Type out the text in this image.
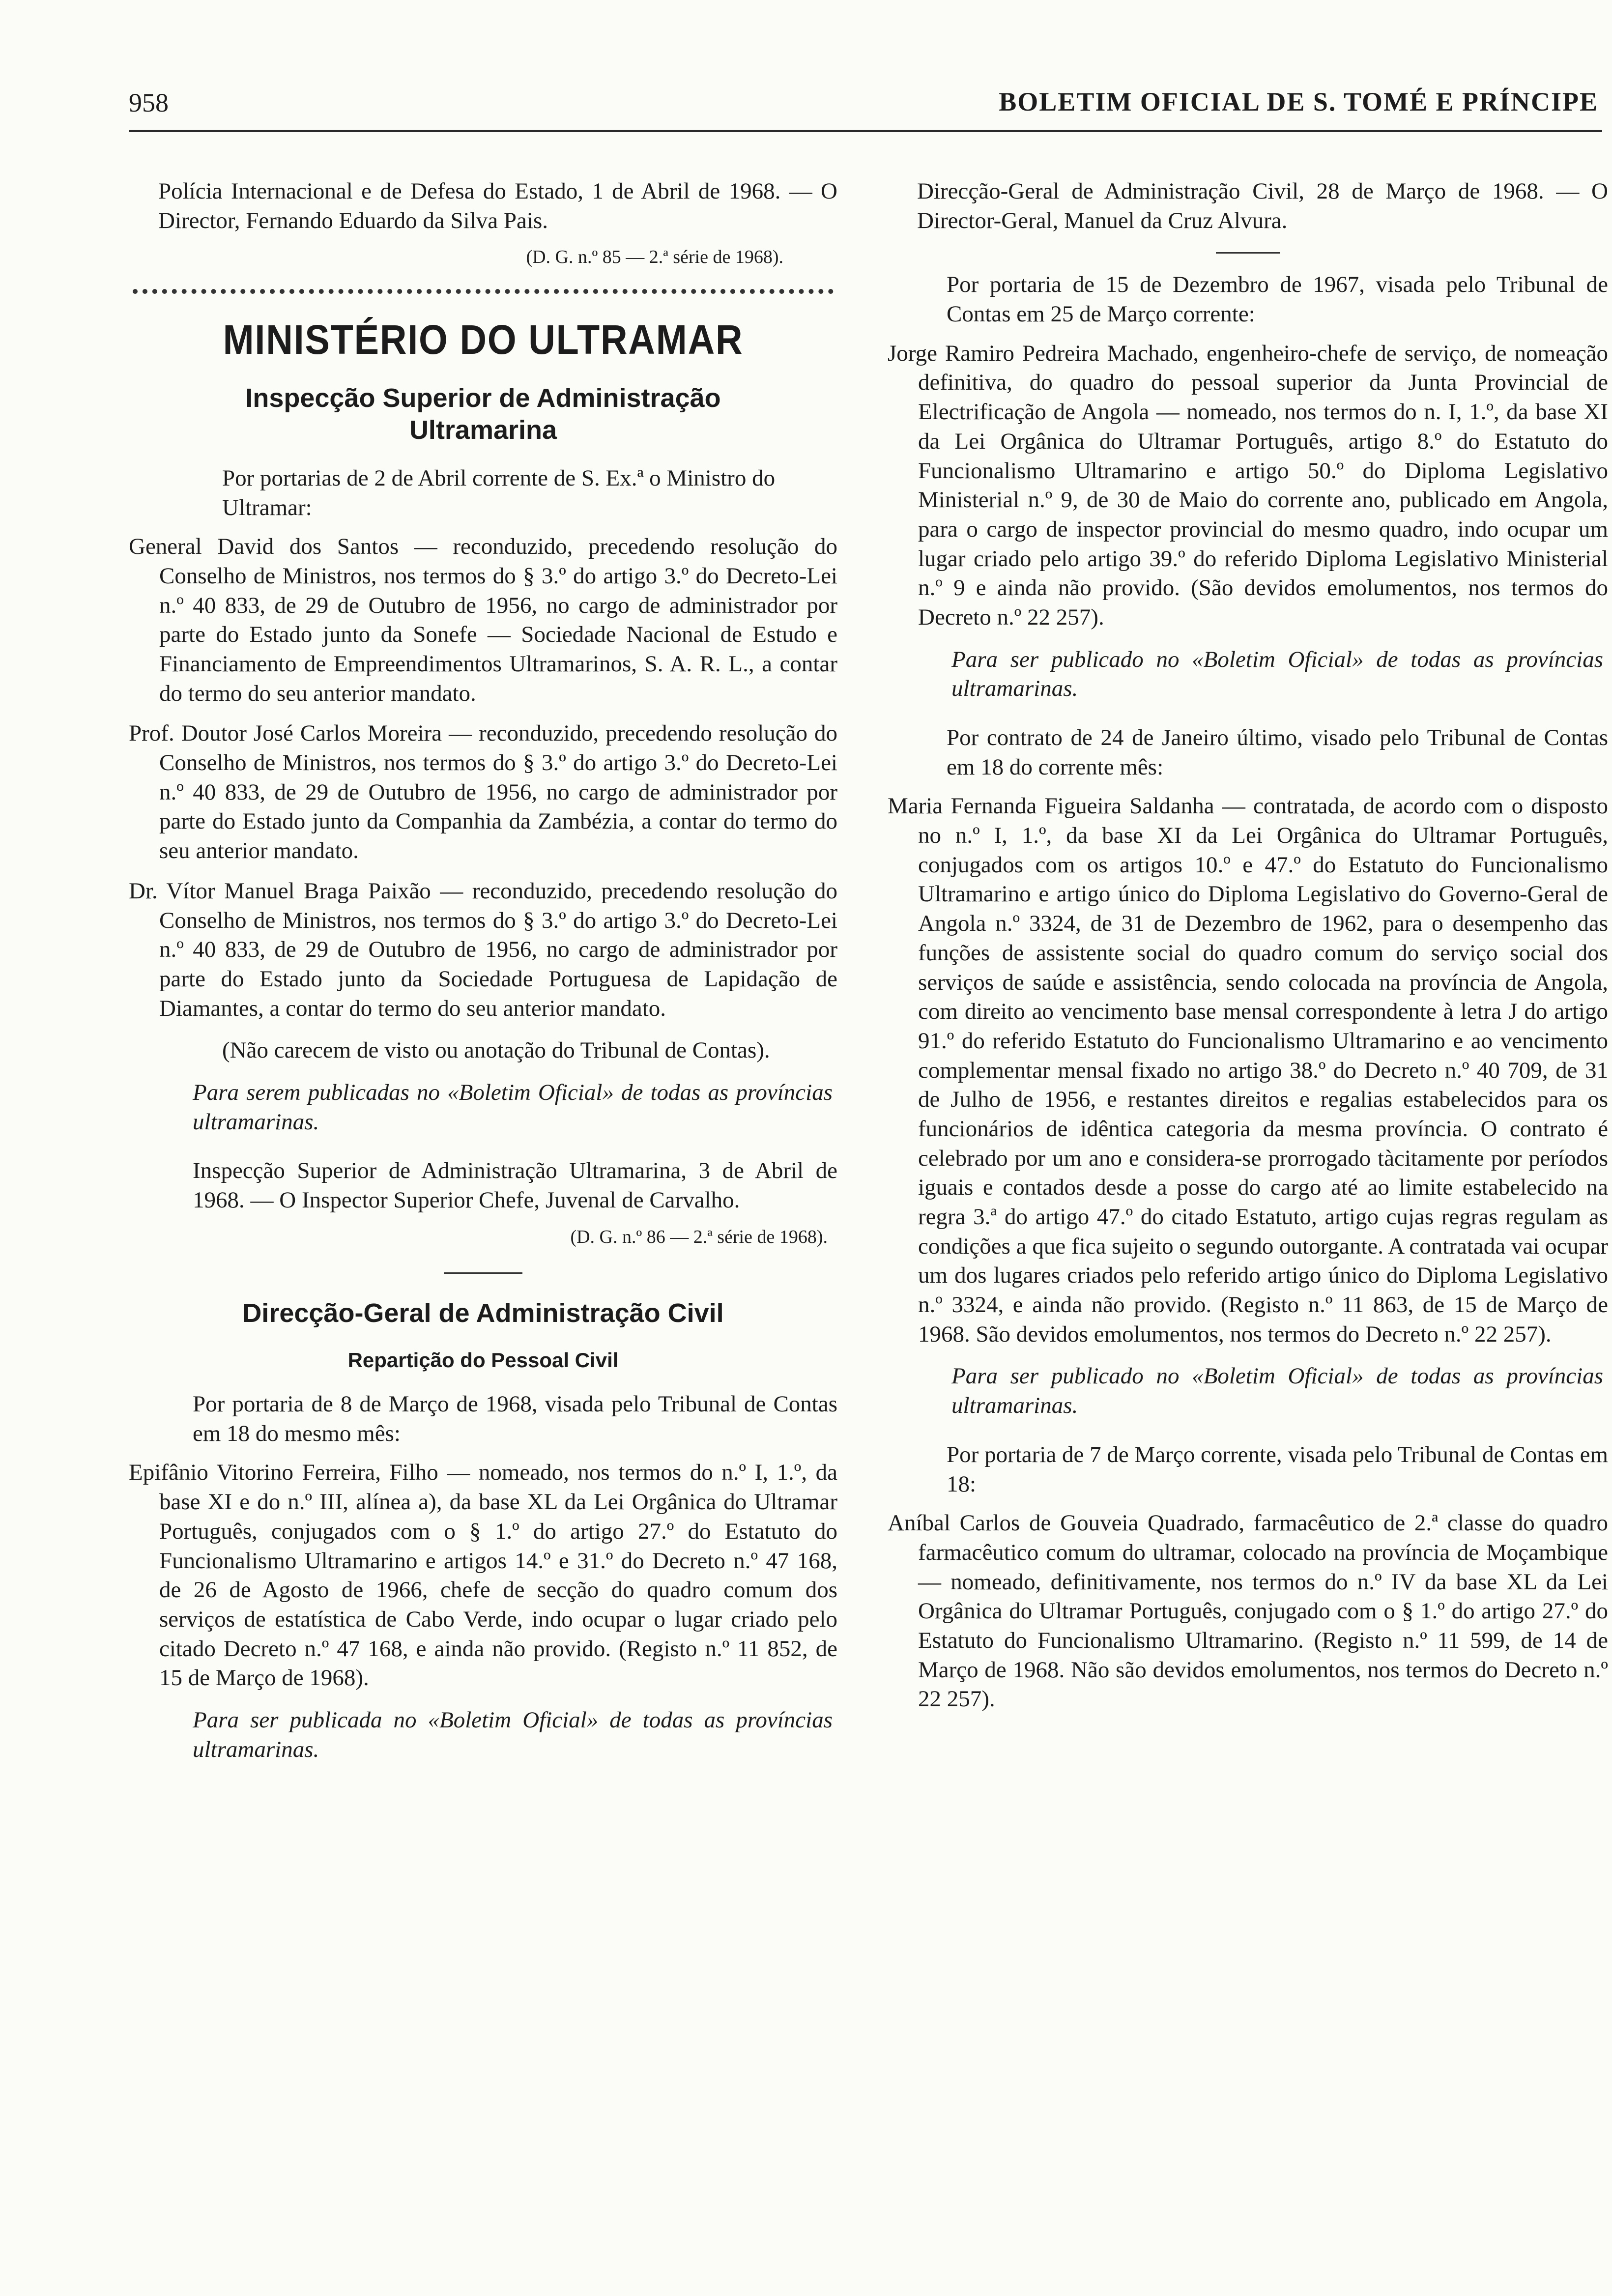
958	BOLETIM OFICIAL DE S. TOMÉ E PRÍNCIPE

Polícia Internacional e de Defesa do Estado, 1 de Abril de 1968. — O Director, Fernando Eduardo da Silva Pais.

(D. G. n.º 85 — 2.ª série de 1968).

MINISTÉRIO DO ULTRAMAR
Inspecção Superior de Administração Ultramarina

Por portarias de 2 de Abril corrente de S. Ex.ª o Ministro do Ultramar:

General David dos Santos — reconduzido, precedendo resolução do Conselho de Ministros, nos termos do § 3.º do artigo 3.º do Decreto-Lei n.º 40 833, de 29 de Outubro de 1956, no cargo de administrador por parte do Estado junto da Sonefe — Sociedade Nacional de Estudo e Financiamento de Empreendimentos Ultramarinos, S. A. R. L., a contar do termo do seu anterior mandato.

Prof. Doutor José Carlos Moreira — reconduzido, precedendo resolução do Conselho de Ministros, nos termos do § 3.º do artigo 3.º do Decreto-Lei n.º 40 833, de 29 de Outubro de 1956, no cargo de administrador por parte do Estado junto da Companhia da Zambézia, a contar do termo do seu anterior mandato.

Dr. Vítor Manuel Braga Paixão — reconduzido, precedendo resolução do Conselho de Ministros, nos termos do § 3.º do artigo 3.º do Decreto-Lei n.º 40 833, de 29 de Outubro de 1956, no cargo de administrador por parte do Estado junto da Sociedade Portuguesa de Lapidação de Diamantes, a contar do termo do seu anterior mandato.

(Não carecem de visto ou anotação do Tribunal de Contas).

Para serem publicadas no «Boletim Oficial» de todas as províncias ultramarinas.

Inspecção Superior de Administração Ultramarina, 3 de Abril de 1968. — O Inspector Superior Chefe, Juvenal de Carvalho.

(D. G. n.º 86 — 2.ª série de 1968).

Direcção-Geral de Administração Civil
Repartição do Pessoal Civil

Por portaria de 8 de Março de 1968, visada pelo Tribunal de Contas em 18 do mesmo mês:

Epifânio Vitorino Ferreira, Filho — nomeado, nos termos do n.º I, 1.º, da base XI e do n.º III, alínea a), da base XL da Lei Orgânica do Ultramar Português, conjugados com o § 1.º do artigo 27.º do Estatuto do Funcionalismo Ultramarino e artigos 14.º e 31.º do Decreto n.º 47 168, de 26 de Agosto de 1966, chefe de secção do quadro comum dos serviços de estatística de Cabo Verde, indo ocupar o lugar criado pelo citado Decreto n.º 47 168, e ainda não provido. (Registo n.º 11 852, de 15 de Março de 1968).

Para ser publicada no «Boletim Oficial» de todas as províncias ultramarinas.

Direcção-Geral de Administração Civil, 28 de Março de 1968. — O Director-Geral, Manuel da Cruz Alvura.

Por portaria de 15 de Dezembro de 1967, visada pelo Tribunal de Contas em 25 de Março corrente:

Jorge Ramiro Pedreira Machado, engenheiro-chefe de serviço, de nomeação definitiva, do quadro do pessoal superior da Junta Provincial de Electrificação de Angola — nomeado, nos termos do n. I, 1.º, da base XI da Lei Orgânica do Ultramar Português, artigo 8.º do Estatuto do Funcionalismo Ultramarino e artigo 50.º do Diploma Legislativo Ministerial n.º 9, de 30 de Maio do corrente ano, publicado em Angola, para o cargo de inspector provincial do mesmo quadro, indo ocupar um lugar criado pelo artigo 39.º do referido Diploma Legislativo Ministerial n.º 9 e ainda não provido. (São devidos emolumentos, nos termos do Decreto n.º 22 257).

Para ser publicado no «Boletim Oficial» de todas as províncias ultramarinas.

Por contrato de 24 de Janeiro último, visado pelo Tribunal de Contas em 18 do corrente mês:

Maria Fernanda Figueira Saldanha — contratada, de acordo com o disposto no n.º I, 1.º, da base XI da Lei Orgânica do Ultramar Português, conjugados com os artigos 10.º e 47.º do Estatuto do Funcionalismo Ultramarino e artigo único do Diploma Legislativo do Governo-Geral de Angola n.º 3324, de 31 de Dezembro de 1962, para o desempenho das funções de assistente social do quadro comum do serviço social dos serviços de saúde e assistência, sendo colocada na província de Angola, com direito ao vencimento base mensal correspondente à letra J do artigo 91.º do referido Estatuto do Funcionalismo Ultramarino e ao vencimento complementar mensal fixado no artigo 38.º do Decreto n.º 40 709, de 31 de Julho de 1956, e restantes direitos e regalias estabelecidos para os funcionários de idêntica categoria da mesma província. O contrato é celebrado por um ano e considera-se prorrogado tàcitamente por períodos iguais e contados desde a posse do cargo até ao limite estabelecido na regra 3.ª do artigo 47.º do citado Estatuto, artigo cujas regras regulam as condições a que fica sujeito o segundo outorgante. A contratada vai ocupar um dos lugares criados pelo referido artigo único do Diploma Legislativo n.º 3324, e ainda não provido. (Registo n.º 11 863, de 15 de Março de 1968. São devidos emolumentos, nos termos do Decreto n.º 22 257).

Para ser publicado no «Boletim Oficial» de todas as províncias ultramarinas.

Por portaria de 7 de Março corrente, visada pelo Tribunal de Contas em 18:

Aníbal Carlos de Gouveia Quadrado, farmacêutico de 2.ª classe do quadro farmacêutico comum do ultramar, colocado na província de Moçambique — nomeado, definitivamente, nos termos do n.º IV da base XL da Lei Orgânica do Ultramar Português, conjugado com o § 1.º do artigo 27.º do Estatuto do Funcionalismo Ultramarino. (Registo n.º 11 599, de 14 de Março de 1968. Não são devidos emolumentos, nos termos do Decreto n.º 22 257).
